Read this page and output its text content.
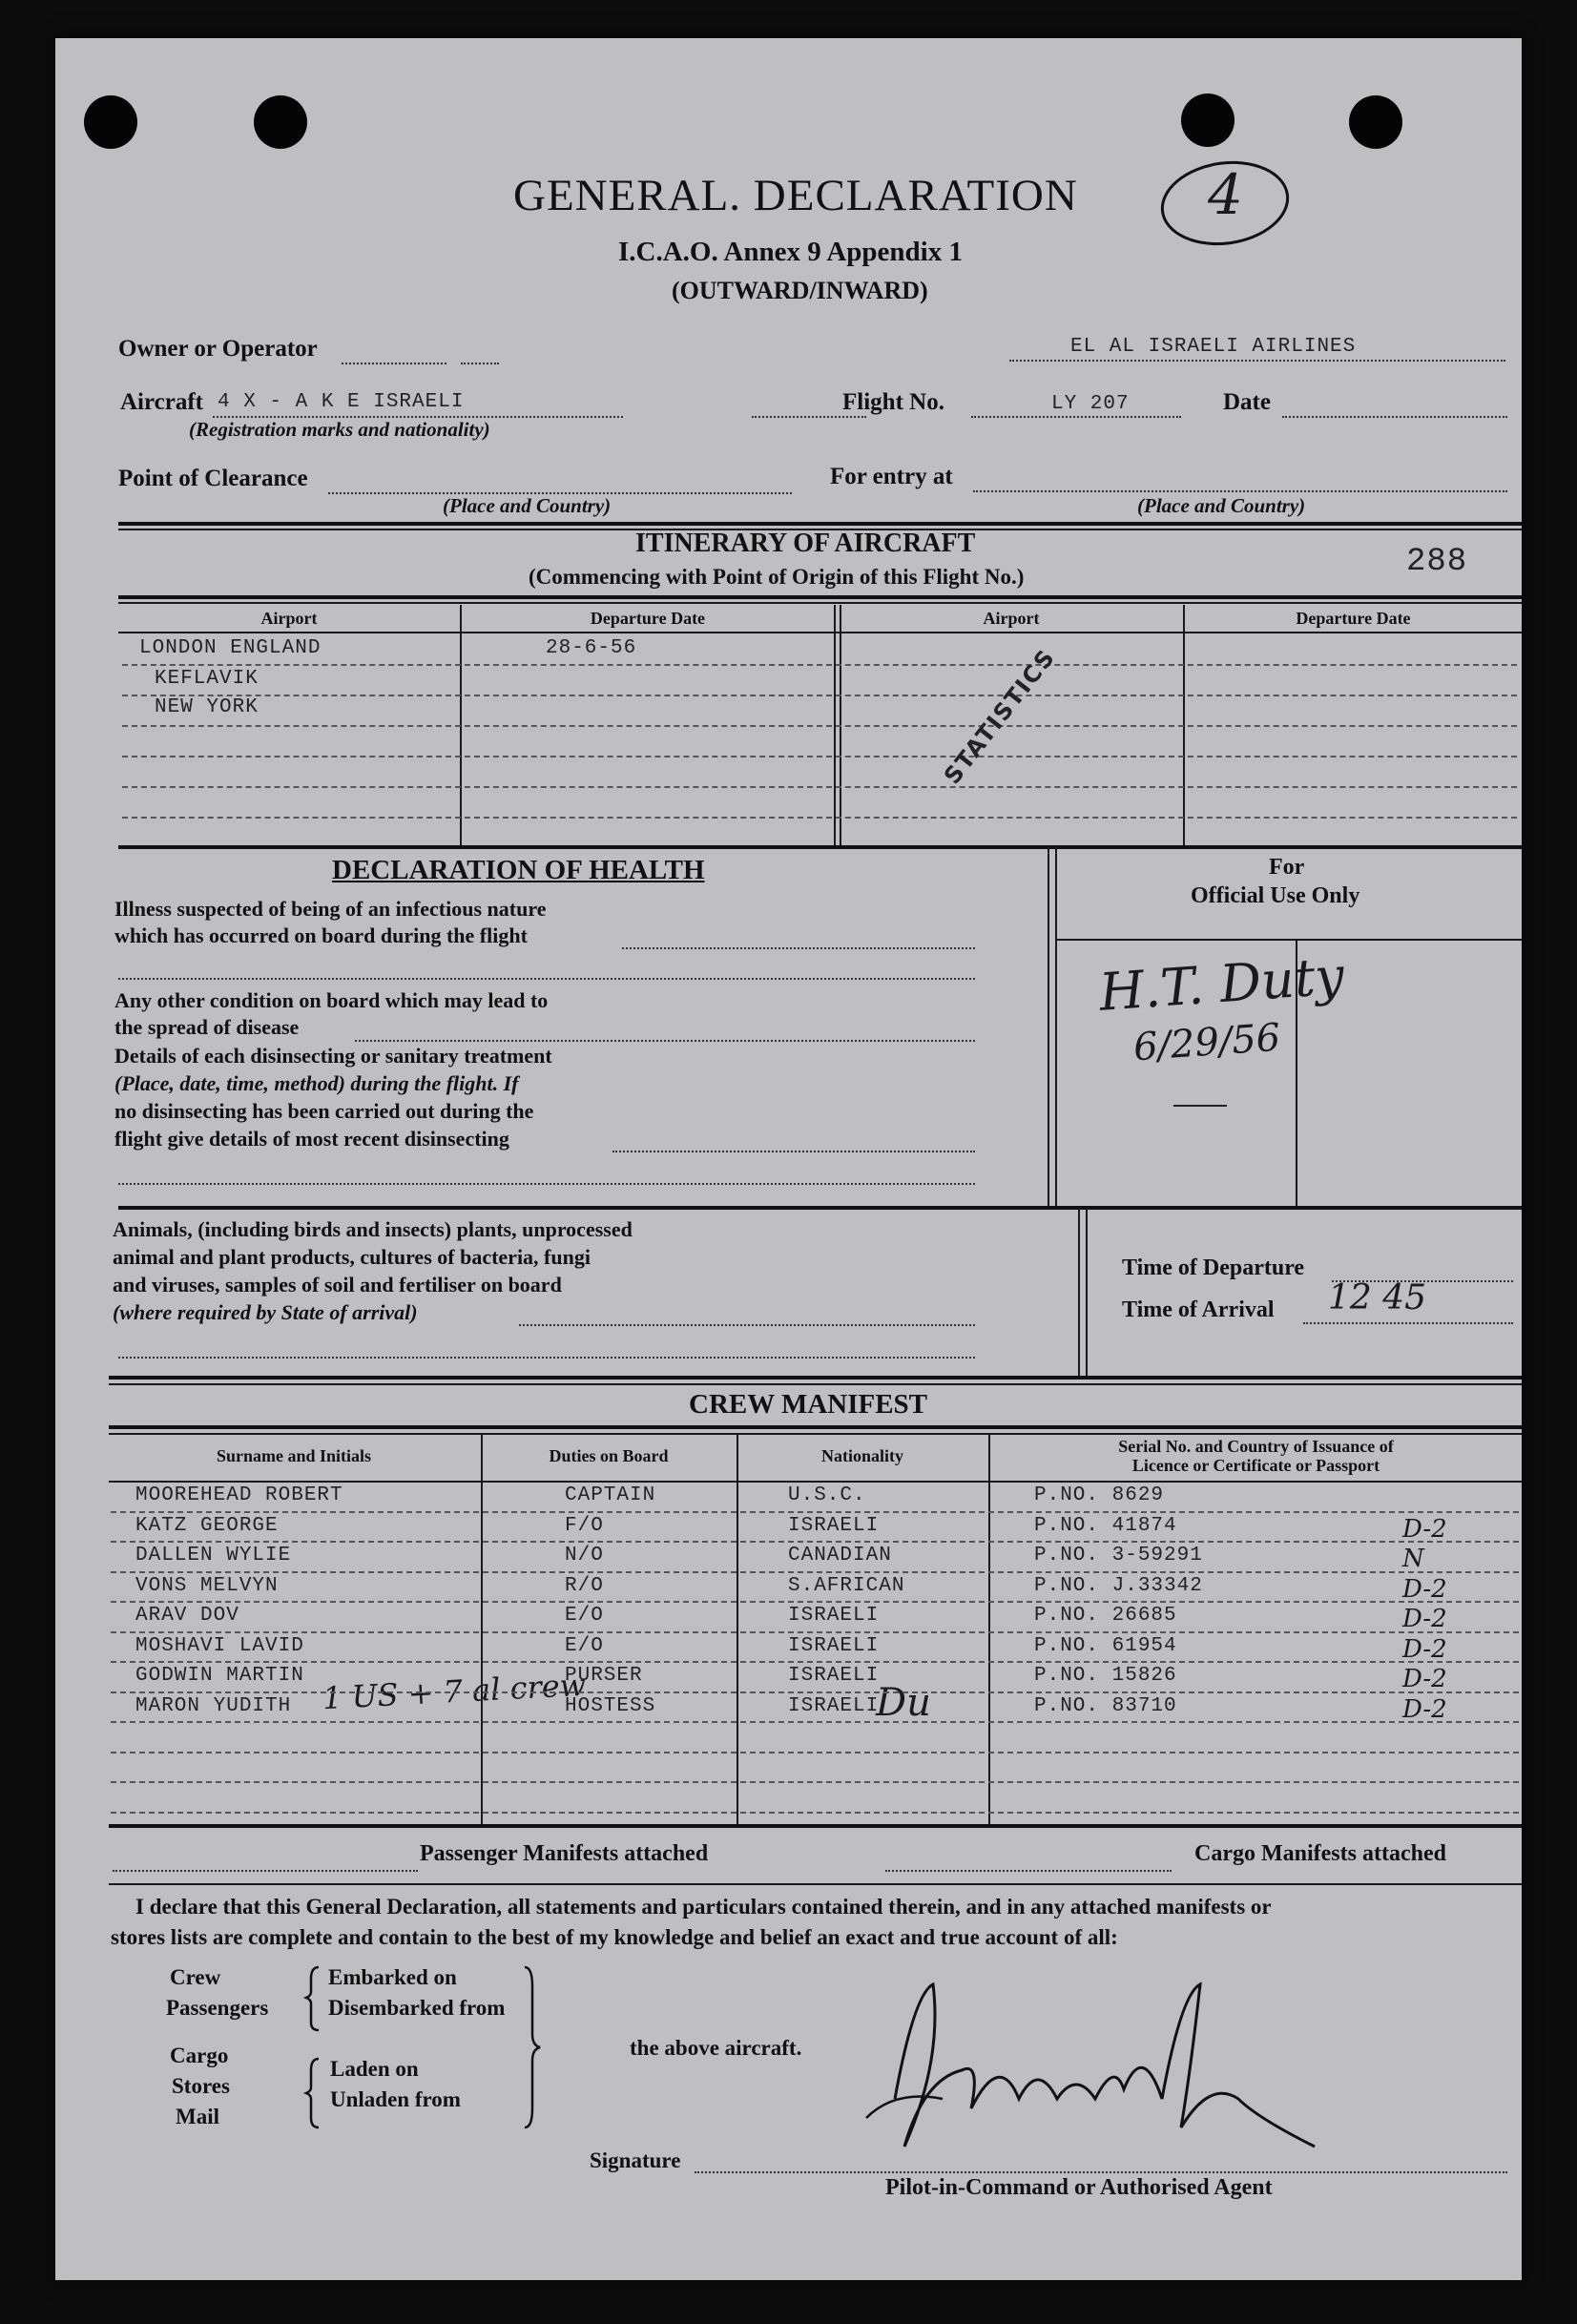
GENERAL. DECLARATION 4
I.C.A.O. Annex 9 Appendix 1
(OUTWARD/INWARD)
Owner or Operator	EL AL ISRAELI AIRLINES
Aircraft 4 X - A K E ISRAELI
(Registration marks and nationality)
Flight No.	LY 207	Date
Point of Clearance
(Place and Country)
For entry at
(Place and Country)
ITINERARY OF AIRCRAFT
(Commencing with Point of Origin of this Flight No.)	288
Airport	Departure Date	Airport	Departure Date
LONDON ENGLAND	28-6-56
KEFLAVIK
NEW YORK	STATISTICS
DECLARATION OF HEALTH
Illness suspected of being of an infectious nature
which has occurred on board during the flight
Any other condition on board which may lead to
the spread of disease
Details of each disinsecting or sanitary treatment
(Place, date, time, method) during the flight. If
no disinsecting has been carried out during the
flight give details of most recent disinsecting
For
Official Use Only
H.T. Duty
6/29/56
Animals, (including birds and insects) plants, unprocessed
animal and plant products, cultures of bacteria, fungi
and viruses, samples of soil and fertiliser on board
(where required by State of arrival)
Time of Departure
Time of Arrival 12 45
CREW MANIFEST
Surname and Initials	Duties on Board	Nationality	Serial No. and Country of Issuance of
Licence or Certificate or Passport
1 US + 7 al crew	Du
Passenger Manifests attached	Cargo Manifests attached
I declare that this General Declaration, all statements and particulars contained therein, and in any attached manifests or
stores lists are complete and contain to the best of my knowledge and belief an exact and true account of all:
Crew
Passengers
Embarked on
Disembarked from
Cargo
Stores
Mail
Laden on
Unladen from
the above aircraft.
Signature
Pilot-in-Command or Authorised Agent
MOOREHEAD ROBERT	CAPTAIN	U.S.C.	P.NO. 8629
KATZ GEORGE	F/O	ISRAELI	P.NO. 41874	D-2
DALLEN WYLIE	N/O	CANADIAN	P.NO. 3-59291	N
VONS MELVYN	R/O	S.AFRICAN	P.NO. J.33342	D-2
ARAV DOV	E/O	ISRAELI	P.NO. 26685	D-2
MOSHAVI LAVID	E/O	ISRAELI	P.NO. 61954	D-2
GODWIN MARTIN	PURSER	ISRAELI	P.NO. 15826	D-2
MARON YUDITH	HOSTESS	ISRAELI	P.NO. 83710	D-2
